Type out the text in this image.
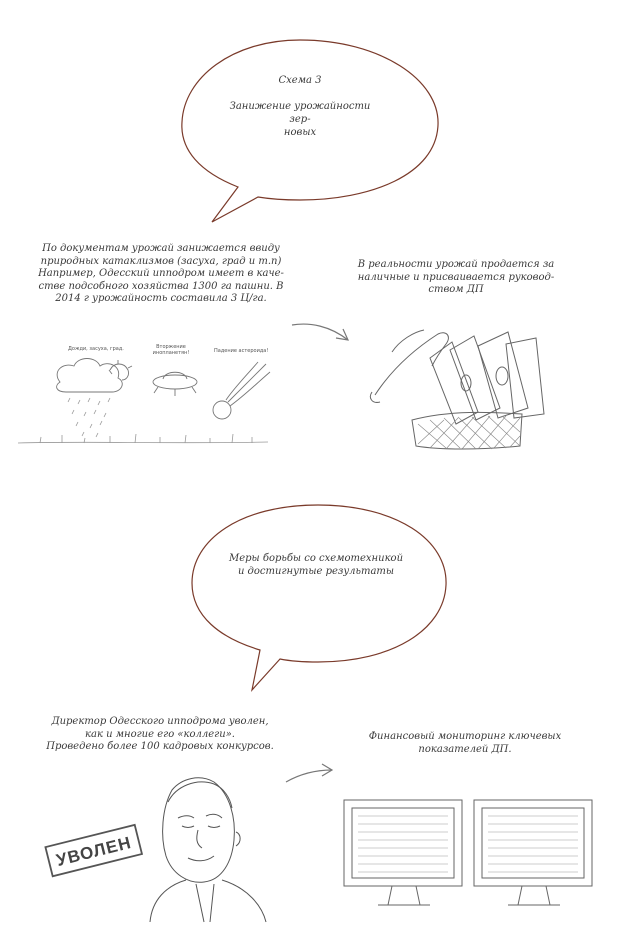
Схема 3
Занижение урожайности зер-
новых
По документам урожай занижается ввиду
природных катаклизмов (засуха, град и т.п)
Например, Одесский ипподром имеет в каче-
стве подсобного хозяйства 1300 га пашни. В
2014 г урожайность составила 3 Ц/га.
В реальности урожай продается за
наличные и присваивается руковод-
ством ДП
Дожди, засуха, град.	Вторжение
инопланетян!	Падение астероида!
Меры борьбы со схемотехникой
и достигнутые результаты
Директор Одесского ипподрома уволен,
как и многие его «коллеги».
Проведено более 100 кадровых конкурсов.
Финансовый мониторинг ключевых
показателей ДП.
УВОЛЕН
